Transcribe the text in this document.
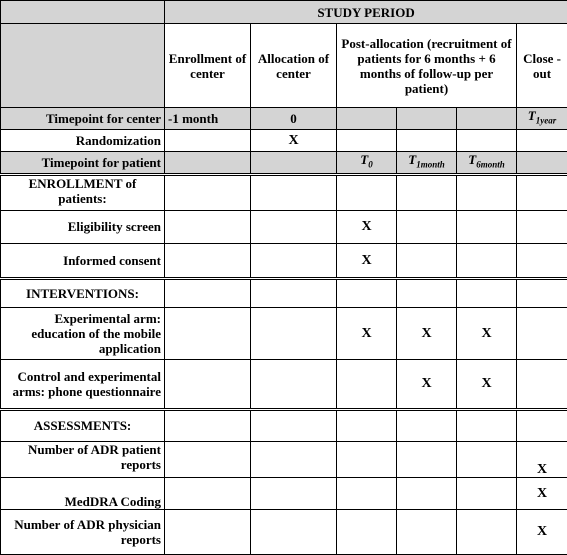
	STUDY PERIOD					
	Enrollment of center	Allocation of center	Post-allocation (recruitment of patients for 6 months + 6 months of follow-up per patient)			Close -out
Timepoint for center	-1 month	0				$T_{1year}$
Randomization		X				
Timepoint for patient			$T_0$	$T_{1month}$	$T_{6month}$	
ENROLLMENT of patients:						
Eligibility screen			X			
Informed consent			X			
INTERVENTIONS:						
Experimental arm: education of the mobile application			X	X	X	
Control and experimental arms: phone questionnaire				X	X	
ASSESSMENTS:						
Number of ADR patient reports						X
MedDRA Coding						X
Number of ADR physician reports						X
